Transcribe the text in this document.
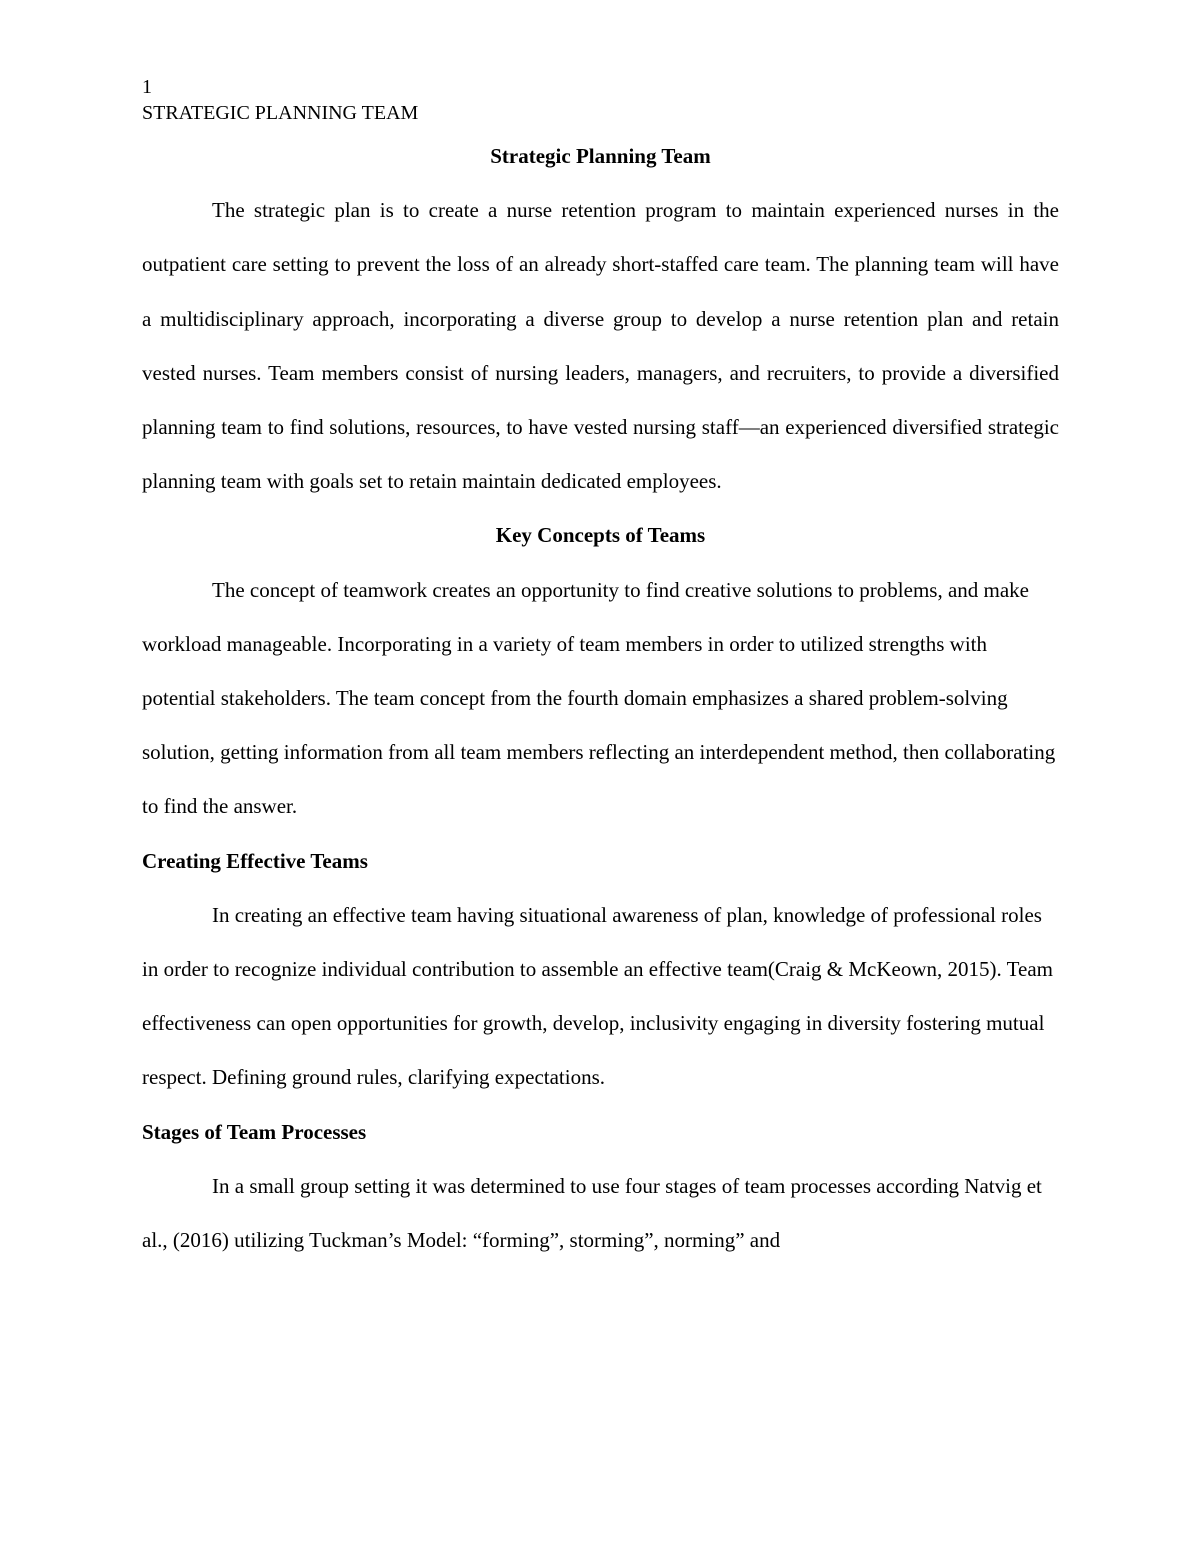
1
STRATEGIC PLANNING TEAM

Strategic Planning Team

The strategic plan is to create a nurse retention program to maintain experienced nurses in the outpatient care setting to prevent the loss of an already short-staffed care team. The planning team will have a multidisciplinary approach, incorporating a diverse group to develop a nurse retention plan and retain vested nurses. Team members consist of nursing leaders, managers, and recruiters, to provide a diversified planning team to find solutions, resources, to have vested nursing staff—an experienced diversified strategic planning team with goals set to retain maintain dedicated employees.

Key Concepts of Teams

The concept of teamwork creates an opportunity to find creative solutions to problems, and make workload manageable. Incorporating in a variety of team members in order to utilized strengths with potential stakeholders. The team concept from the fourth domain emphasizes a shared problem-solving solution, getting information from all team members reflecting an interdependent method, then collaborating to find the answer.

Creating Effective Teams

In creating an effective team having situational awareness of plan, knowledge of professional roles in order to recognize individual contribution to assemble an effective team(Craig & McKeown, 2015). Team effectiveness can open opportunities for growth, develop, inclusivity engaging in diversity fostering mutual respect. Defining ground rules, clarifying expectations.

Stages of Team Processes

In a small group setting it was determined to use four stages of team processes according Natvig et al., (2016) utilizing Tuckman’s Model: “forming”, storming”, norming” and
